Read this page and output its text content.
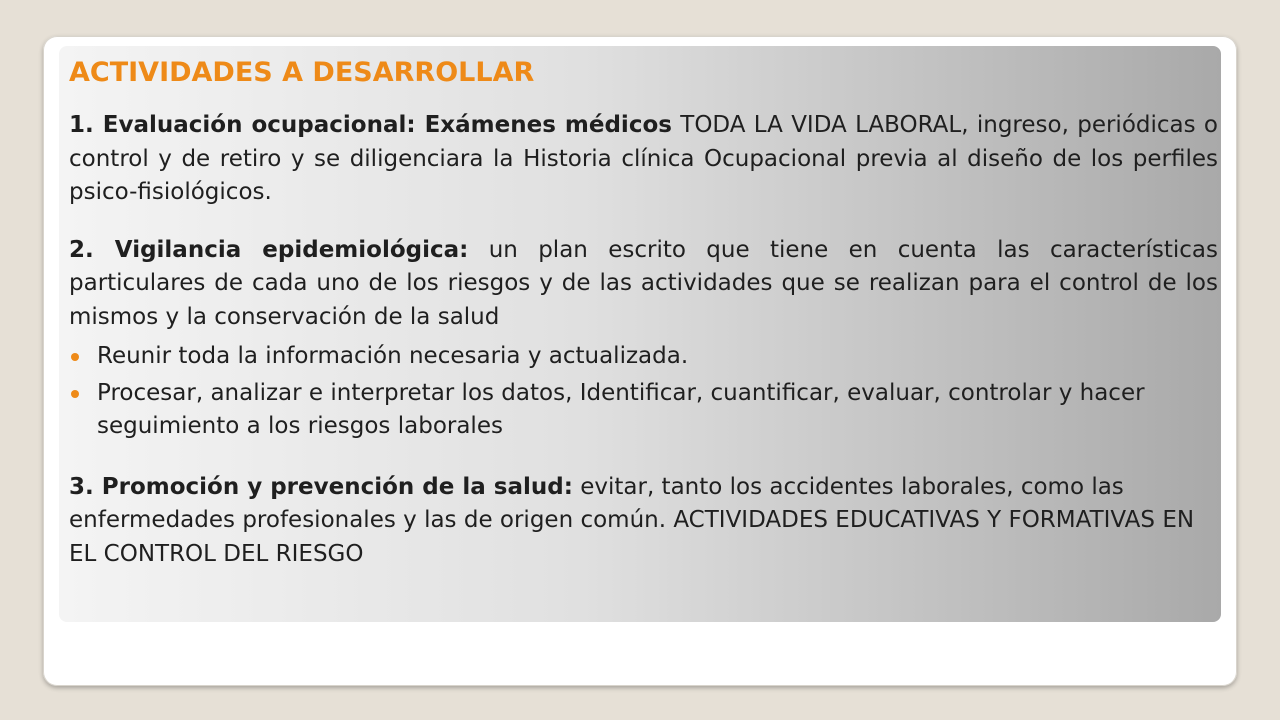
ACTIVIDADES A DESARROLLAR

1. Evaluación ocupacional: Exámenes médicos TODA LA VIDA LABORAL, ingreso, periódicas o control y de retiro y se diligenciara la Historia clínica Ocupacional previa al diseño de los perfiles psico-fisiológicos.

2. Vigilancia epidemiológica: un plan escrito que tiene en cuenta las características particulares de cada uno de los riesgos y de las actividades que se realizan para el control de los mismos y la conservación de la salud

Reunir toda la información necesaria y actualizada.
Procesar, analizar e interpretar los datos, Identificar, cuantificar, evaluar, controlar y hacer seguimiento a los riesgos laborales

3. Promoción y prevención de la salud: evitar, tanto los accidentes laborales, como las enfermedades profesionales y las de origen común. ACTIVIDADES EDUCATIVAS Y FORMATIVAS EN EL CONTROL DEL RIESGO
